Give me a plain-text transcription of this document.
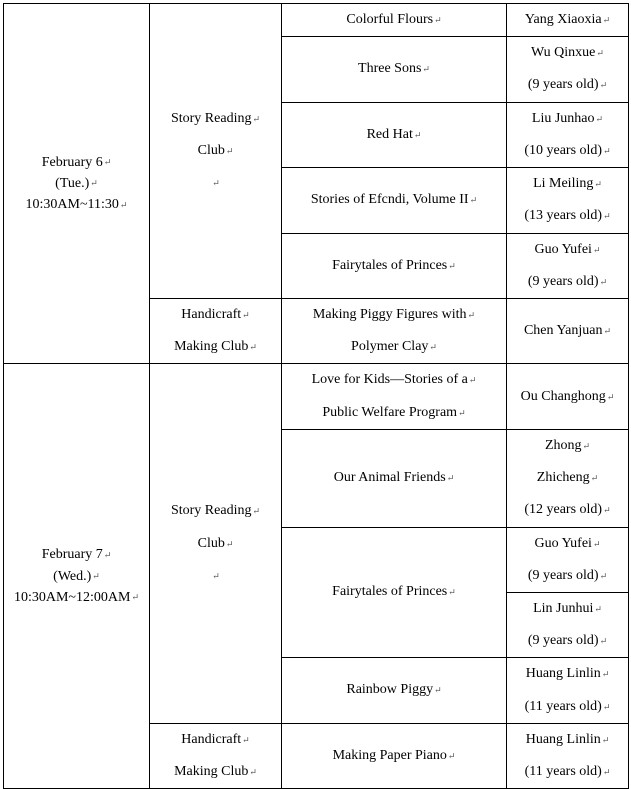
February 6↵
(Tue.)↵
10:30AM~11:30↵	Story Reading↵
Club↵
↵	Colorful Flours↵	Yang Xiaoxia↵

		Three Sons↵	Wu Qinxue↵
(9 years old)↵

		Red Hat↵	Liu Junhao↵
(10 years old)↵

		Stories of Efcndi, Volume II↵	Li Meiling↵
(13 years old)↵

		Fairytales of Princes↵	Guo Yufei↵
(9 years old)↵

	Handicraft↵
Making Club↵	Making Piggy Figures with↵
Polymer Clay↵	Chen Yanjuan↵

February 7↵
(Wed.)↵
10:30AM~12:00AM↵	Story Reading↵
Club↵
↵	Love for Kids—Stories of a↵
Public Welfare Program↵	Ou Changhong↵

		Our Animal Friends↵	Zhong↵
Zhicheng↵
(12 years old)↵

		Fairytales of Princes↵	Guo Yufei↵
(9 years old)↵

			Lin Junhui↵
(9 years old)↵

		Rainbow Piggy↵	Huang Linlin↵
(11 years old)↵

	Handicraft↵
Making Club↵	Making Paper Piano↵	Huang Linlin↵
(11 years old)↵
